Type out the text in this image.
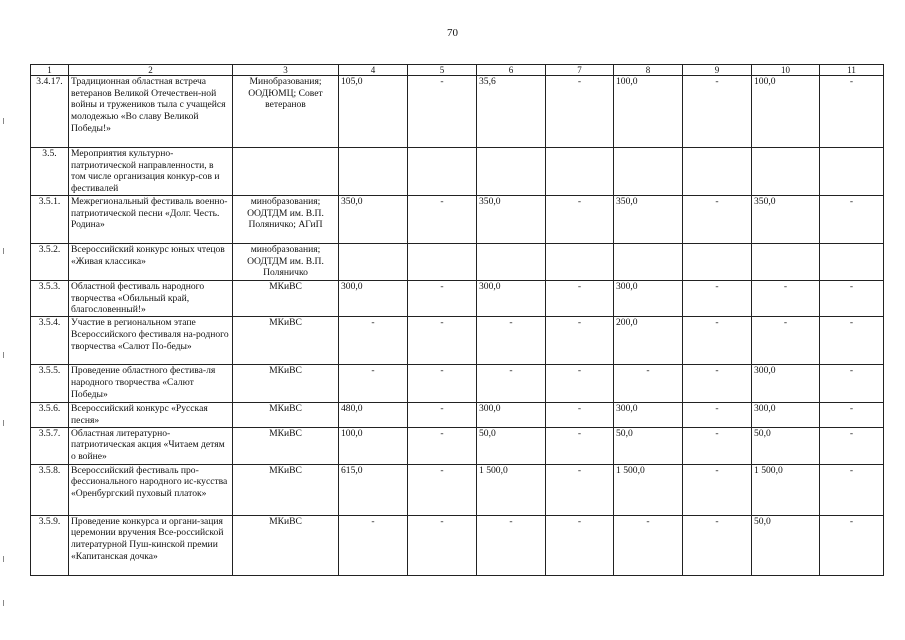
70
1	2	3	4	5	6	7	8	9	10	11
3.4.17.	Традиционная областная встреча ветеранов Великой Отечествен-ной войны и тружеников тыла с учащейся молодежью «Во славу Великой Победы!»	Минобразования; ООДЮМЦ; Совет ветеранов	105,0	-	35,6	-	100,0	-	100,0	-
3.5.	Мероприятия культурно-патриотической направленности, в том числе организация конкур-сов и фестивалей									
3.5.1.	Межрегиональный фестиваль военно-патриотической песни «Долг. Честь. Родина»	минобразования; ООДТДМ им. В.П. Поляничко; АГиП	350,0	-	350,0	-	350,0	-	350,0	-
3.5.2.	Всероссийский конкурс юных чтецов «Живая классика»	минобразования; ООДТДМ им. В.П. Поляничко								
3.5.3.	Областной фестиваль народного творчества «Обильный край, благословенный!»	МКиВС	300,0	-	300,0	-	300,0	-	-	-
3.5.4.	Участие в региональном этапе Всероссийского фестиваля на-родного творчества «Салют По-беды»	МКиВС	-	-	-	-	200,0	-	-	-
3.5.5.	Проведение областного фестива-ля народного творчества «Салют Победы»	МКиВС	-	-	-	-	-	-	300,0	-
3.5.6.	Всероссийский конкурс «Русская песня»	МКиВС	480,0	-	300,0	-	300,0	-	300,0	-
3.5.7.	Областная литературно-патриотическая акция «Читаем детям о войне»	МКиВС	100,0	-	50,0	-	50,0	-	50,0	-
3.5.8.	Всероссийский фестиваль про-фессионального народного ис-кусства «Оренбургский пуховый платок»	МКиВС	615,0	-	1 500,0	-	1 500,0	-	1 500,0	-
3.5.9.	Проведение конкурса и органи-зация церемонии вручения Все-российской литературной Пуш-кинской премии «Капитанская дочка»	МКиВС	-	-	-	-	-	-	50,0	-
